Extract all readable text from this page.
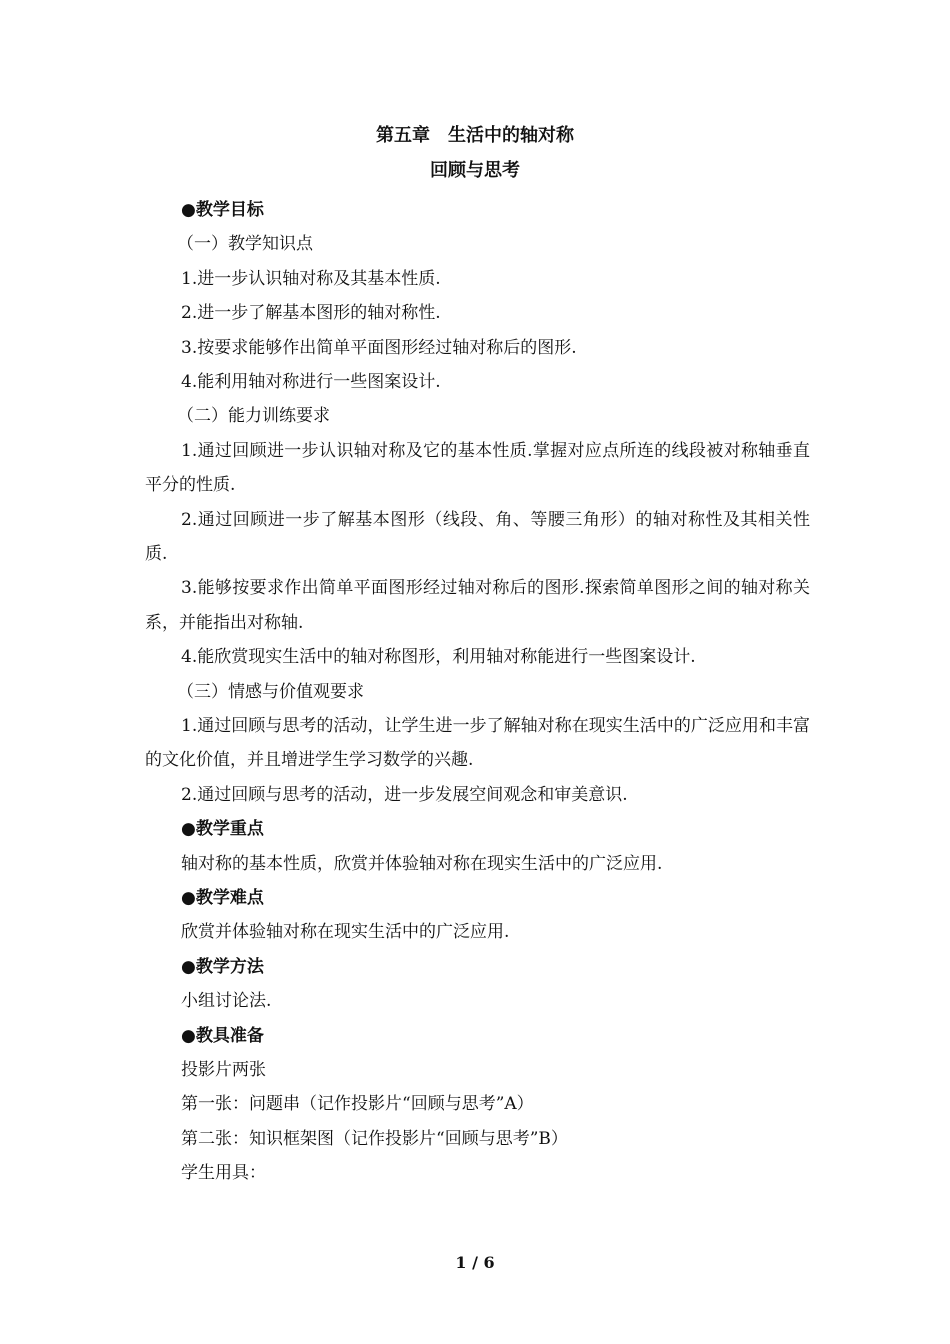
第五章　生活中的轴对称
回顾与思考
●教学目标
（一）教学知识点
1.进一步认识轴对称及其基本性质.
2.进一步了解基本图形的轴对称性.
3.按要求能够作出简单平面图形经过轴对称后的图形.
4.能利用轴对称进行一些图案设计.
（二）能力训练要求
1.通过回顾进一步认识轴对称及它的基本性质.掌握对应点所连的线段被对称轴垂直平分的性质.
2.通过回顾进一步了解基本图形（线段、角、等腰三角形）的轴对称性及其相关性质.
3.能够按要求作出简单平面图形经过轴对称后的图形.探索简单图形之间的轴对称关系，并能指出对称轴.
4.能欣赏现实生活中的轴对称图形，利用轴对称能进行一些图案设计.
（三）情感与价值观要求
1.通过回顾与思考的活动，让学生进一步了解轴对称在现实生活中的广泛应用和丰富的文化价值，并且增进学生学习数学的兴趣.
2.通过回顾与思考的活动，进一步发展空间观念和审美意识.
●教学重点
轴对称的基本性质，欣赏并体验轴对称在现实生活中的广泛应用.
●教学难点
欣赏并体验轴对称在现实生活中的广泛应用.
●教学方法
小组讨论法.
●教具准备
投影片两张
第一张：问题串（记作投影片“回顾与思考”A）
第二张：知识框架图（记作投影片“回顾与思考”B）
学生用具：
1 / 6
